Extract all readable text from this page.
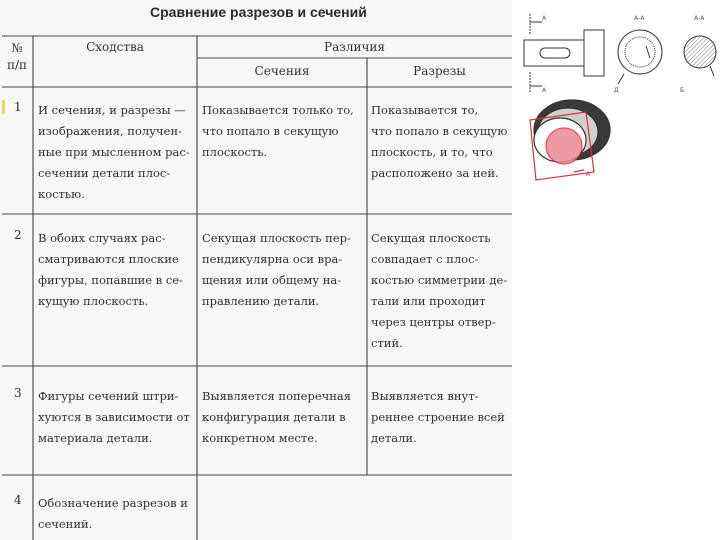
Сравнение разрезов и сечений
№
п/п
Сходства	Различия
Сечения	Разрезы
1 И сечения, и разрезы —
изображения, получен-
ные при мысленном рас-
сечении детали плос-
костью.
Показывается только то,
что попало в секущую
плоскость.
Показывается то,
что попало в секущую
плоскость, и то, что
расположено за ней.
2 В обоих случаях рас-
сматриваются плоские
фигуры, попавшие в се-
кущую плоскость.
Секущая плоскость пер-
пендикулярна оси вра-
щения или общему на-
правлению детали.
Секущая плоскость
совпадает с плос-
костью симметрии де-
тали или проходит
через центры отвер-
стий.
3 Фигуры сечений штри-
хуются в зависимости от
материала детали.
Выявляется поперечная
конфигурация детали в
конкретном месте.
Выявляется внут-
реннее строение всей
детали.
4 Обозначение разрезов и
сечений.
А
А
А-А
Д
А-А
Б
А
